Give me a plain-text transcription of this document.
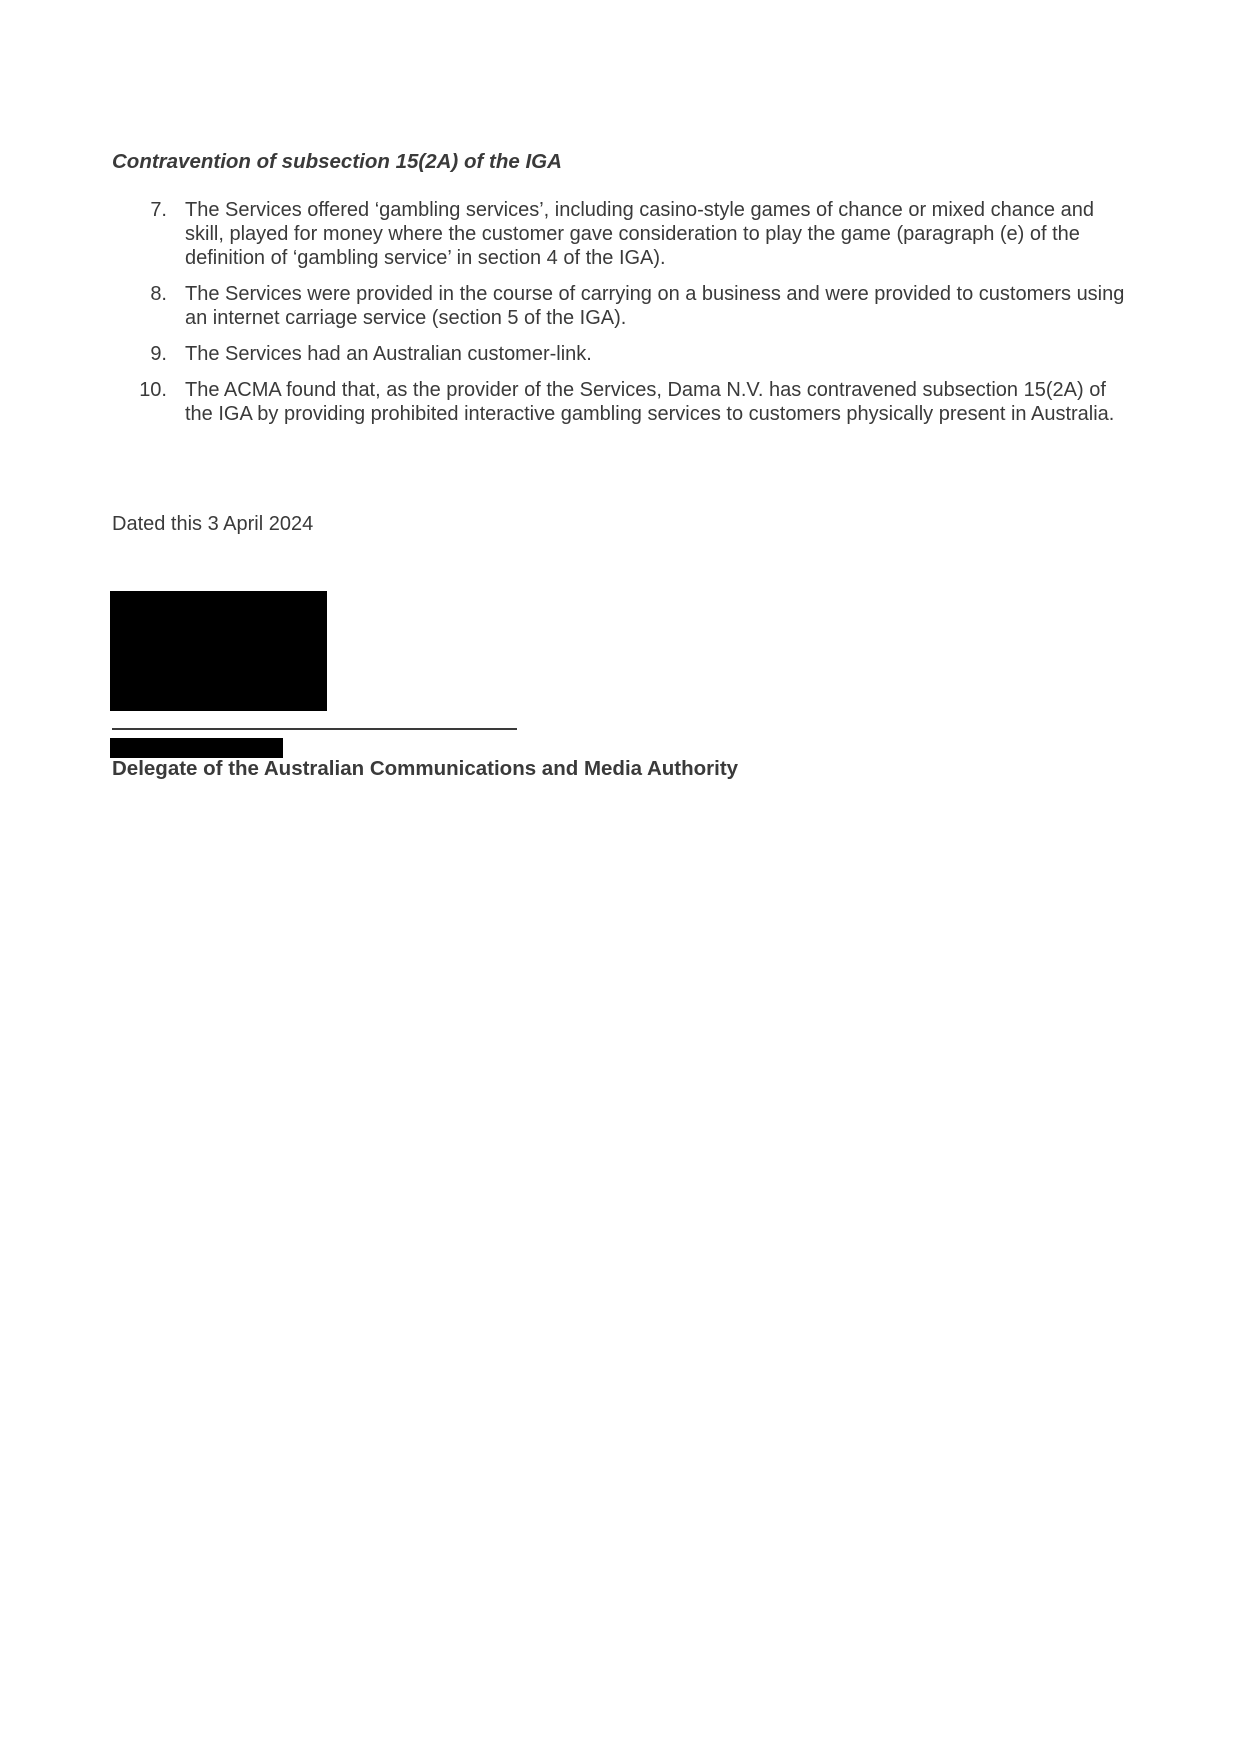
Contravention of subsection 15(2A) of the IGA
7. The Services offered ‘gambling services’, including casino-style games of chance or mixed chance and skill, played for money where the customer gave consideration to play the game (paragraph (e) of the definition of ‘gambling service’ in section 4 of the IGA).
8. The Services were provided in the course of carrying on a business and were provided to customers using an internet carriage service (section 5 of the IGA).
9. The Services had an Australian customer-link.
10. The ACMA found that, as the provider of the Services, Dama N.V. has contravened subsection 15(2A) of the IGA by providing prohibited interactive gambling services to customers physically present in Australia.
Dated this 3 April 2024
Delegate of the Australian Communications and Media Authority
